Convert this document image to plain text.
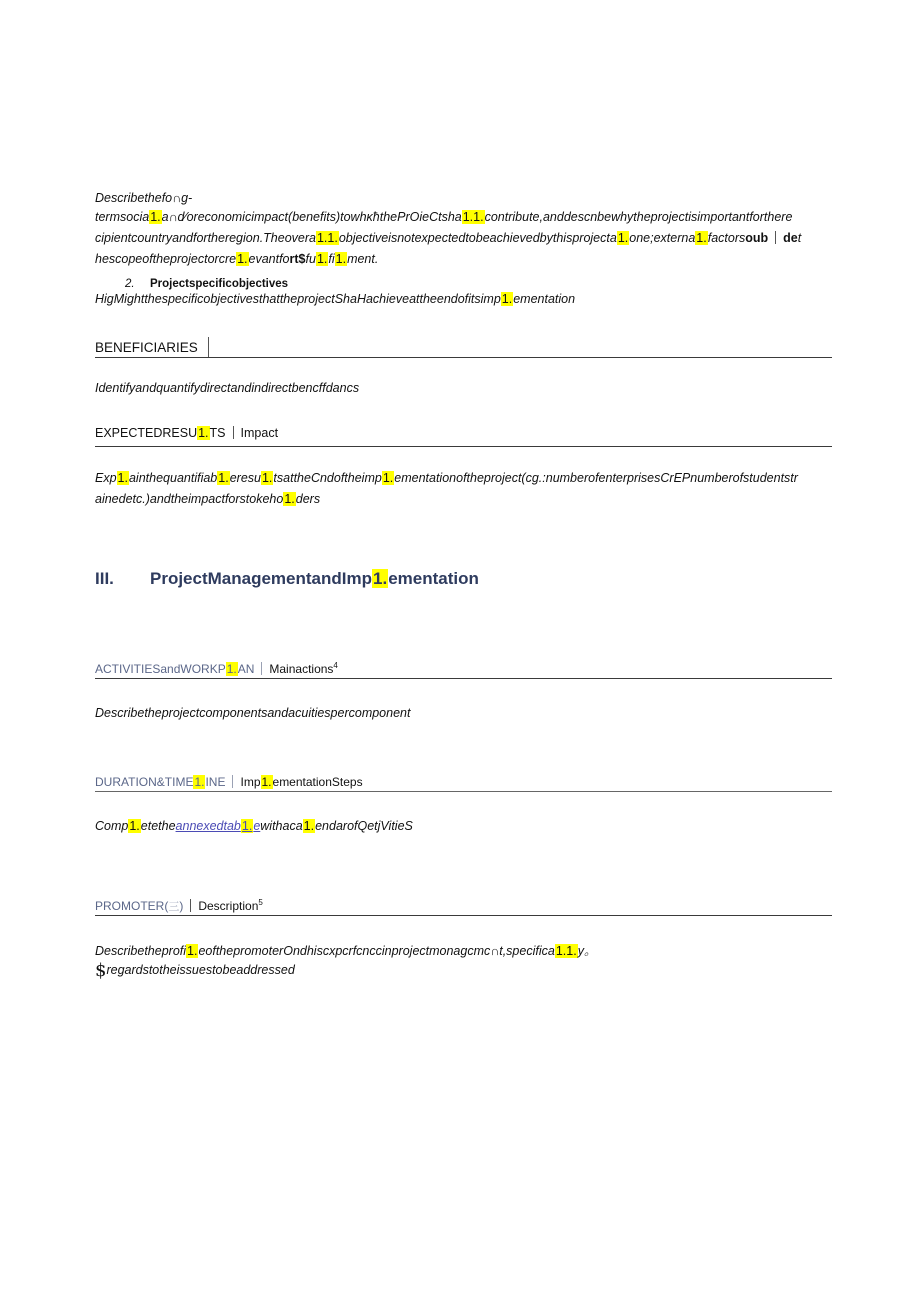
Describethefo∩g-
termsocia1.a∩d⁄oreconomicimpact(benefits)towhκħthePrOieCtsha1.1.contribute,anddescnbewhytheprojectisimportantforthere
cipientcountryandfortheregion.Theovera1.1.objectiveisnotexpectedtobeachievedbythisprojecta1.one;externa1.factorsoub det
hescopeoftheprojectorcre1.evantfort$fu1.fi1.ment.
2. Projectspecificobjectives
HigMightthespecificobjectivesthattheprojectShaHachieveattheendofitsimp1.ementation
BENEFICIARIES
Identifyandquantifydirectandindirectbencffdancs
EXPECTEDRESU1.TS Impact
Exp1.ainthequantifiab1.eresu1.tsattheCndoftheimp1.ementationoftheproject(cg.:numberofenterprisesCrEPnumberofstudentstr
ainedetc.)andtheimpactforstokeho1.ders
III. ProjectManagementandImp1.ementation
ACTIVITIESandWORKP1.AN Mainactions$^4$
Describetheprojectcomponentsandacuitiespercomponent
DURATION&TIME1.INE Imp1.ementationSteps
Comp1.etetheannexedtab1.ewithaca1.endarofQetjVitieS
PROMOTER(三) Description$^5$
Describetheprofi1.eofthepromoterOndhiscxpcrfcnccinprojectmonagcmc∩t,specifica1.1.y。
$regardstotheissuestobeaddressed
